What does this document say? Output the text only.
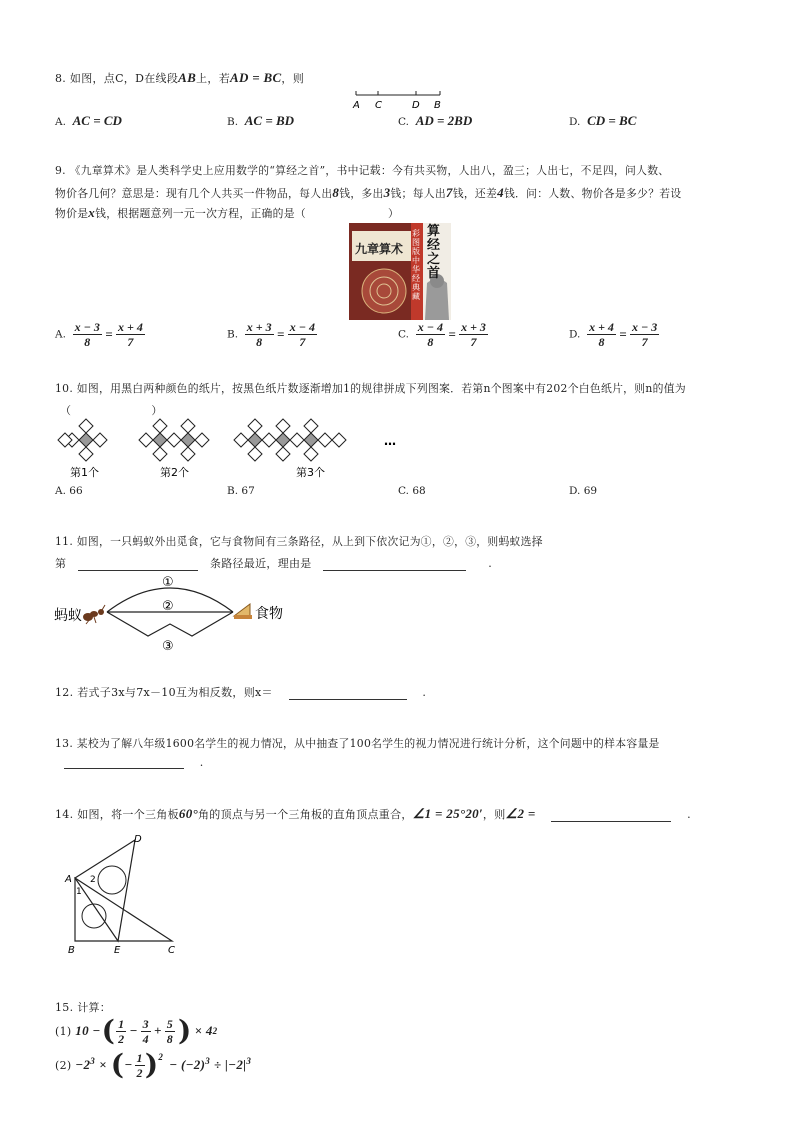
8. 如图，点C，D在线段AB上，若AD = BC，则
A C	D B
A. AC = CD	B. AC = BD	C. AD = 2BD	D. CD = BC
9. 《九章算术》是人类科学史上应用数学的“算经之首”，书中记载：今有共买物，人出八，盈三；人出七，不足四，问人数、
物价各几何？意思是：现有几个人共买一件物品，每人出8钱，多出3钱；每人出7钱，还差4钱．问：人数、物价各是多少？若设
物价是x钱，根据题意列一元一次方程，正确的是（	）
九章算术
彩图版中华经典藏
算经之首
A. $\frac{x - 3}{8} = \frac{x + 4}{7}$	B. $\frac{x + 3}{8} = \frac{x - 4}{7}$	C. $\frac{x - 4}{8} = \frac{x + 3}{7}$	D. $\frac{x + 4}{8} = \frac{x - 3}{7}$
10. 如图，用黑白两种颜色的纸片，按黑色纸片数逐渐增加1的规律拼成下列图案．若第n个图案中有202个白色纸片，则n的值为
（	）
…
第1个	第2个	第3个
A. 66	B. 67	C. 68	D. 69
11. 如图，一只蚂蚁外出觅食，它与食物间有三条路径，从上到下依次记为①，②，③，则蚂蚁选择
第	条路径最近，理由是	.
蚂蚁
①
②
③
食物
12. 若式子3x与7x－10互为相反数，则x＝	.
13. 某校为了解八年级1600名学生的视力情况，从中抽查了100名学生的视力情况进行统计分析，这个问题中的样本容量是
.
14. 如图，将一个三角板60°角的顶点与另一个三角板的直角顶点重合，∠1 = 25°20′，则∠2 =	.
D
A 2
1
B	E	C
15. 计算：
(1)
10 − ( $\frac{1}{2} - \frac{3}{4} + \frac{5}{8}$ ) × 4 2
(2)
$-2^3$ × ( − $\frac{1}{2} )^2 - (-2)^3 \div |-2|^3$
